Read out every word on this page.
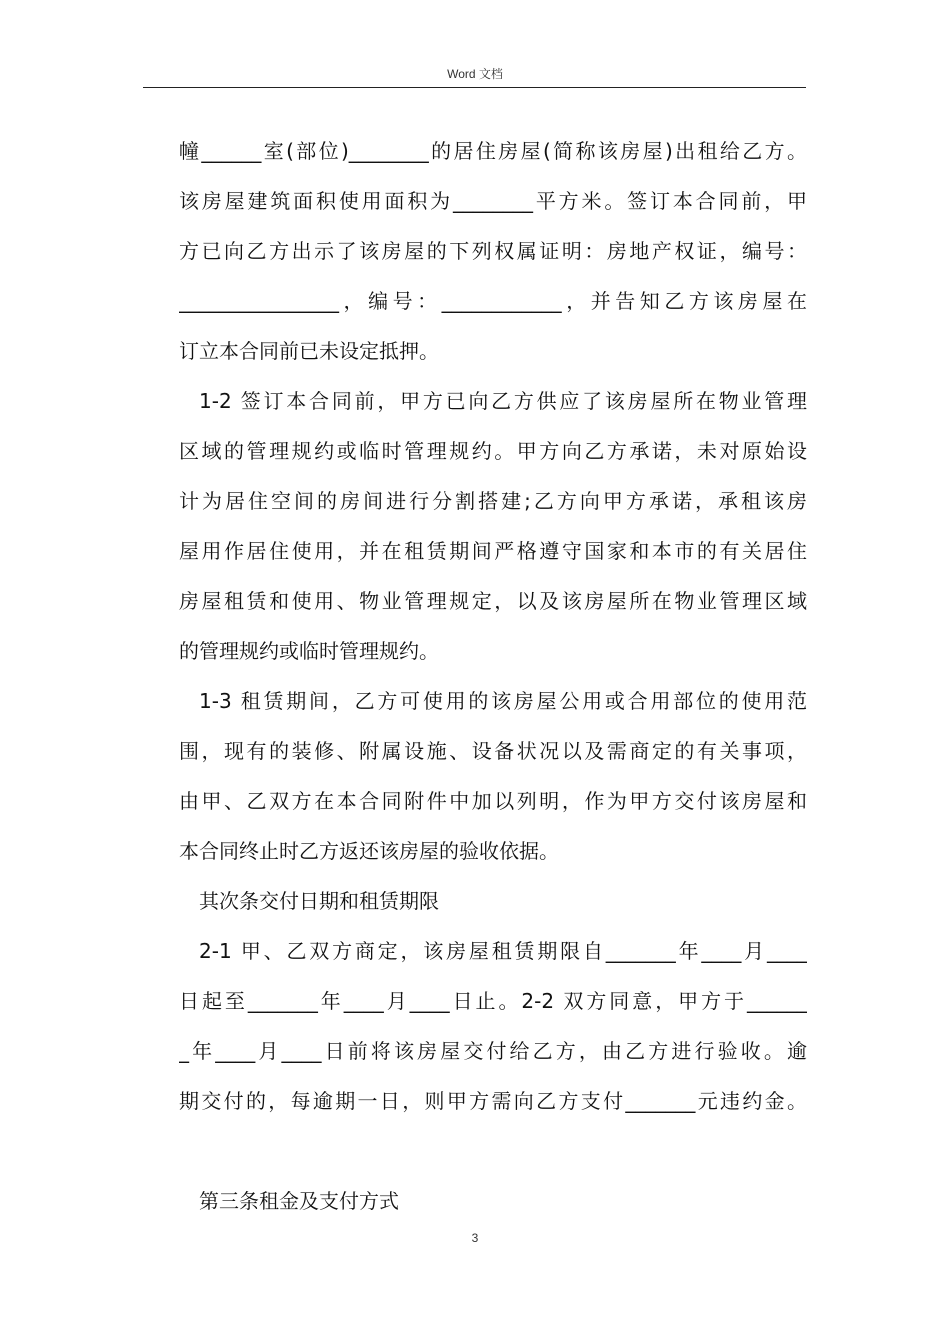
Word 文档
幢______室(部位)________的居住房屋(简称该房屋)出租给乙方。
该房屋建筑面积使用面积为________平方米。签订本合同前，甲
方已向乙方出示了该房屋的下列权属证明：房地产权证，编号：
________________，编号：____________，并告知乙方该房屋在
订立本合同前已未设定抵押。
1-2 签订本合同前，甲方已向乙方供应了该房屋所在物业管理
区域的管理规约或临时管理规约。甲方向乙方承诺，未对原始设
计为居住空间的房间进行分割搭建;乙方向甲方承诺，承租该房
屋用作居住使用，并在租赁期间严格遵守国家和本市的有关居住
房屋租赁和使用、物业管理规定，以及该房屋所在物业管理区域
的管理规约或临时管理规约。
1-3 租赁期间，乙方可使用的该房屋公用或合用部位的使用范
围，现有的装修、附属设施、设备状况以及需商定的有关事项，
由甲、乙双方在本合同附件中加以列明，作为甲方交付该房屋和
本合同终止时乙方返还该房屋的验收依据。
其次条交付日期和租赁期限
2-1 甲、乙双方商定，该房屋租赁期限自_______年____月____
日起至_______年____月____日止。2-2 双方同意，甲方于______
_年____月____日前将该房屋交付给乙方，由乙方进行验收。逾
期交付的，每逾期一日，则甲方需向乙方支付_______元违约金。
第三条租金及支付方式
3
